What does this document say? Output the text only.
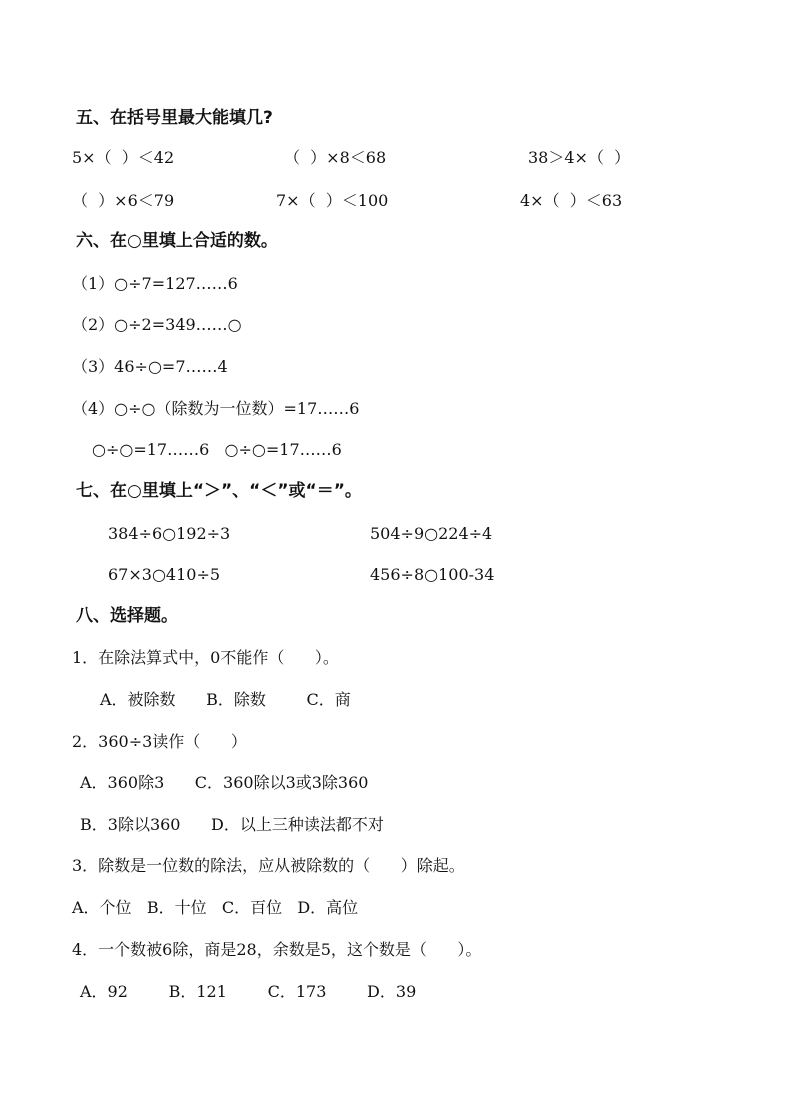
五、在括号里最大能填几?
5×（  ）＜42	（  ）×8＜68	38＞4×（  ）
（  ）×6＜79	7×（  ）＜100	4×（  ）＜63
六、在○里填上合适的数。
（1）○÷7=127……6
（2）○÷2=349……○
（3）46÷○=7……4
（4）○÷○（除数为一位数）=17……6
○÷○=17……6   ○÷○=17……6
七、在○里填上“＞”、“＜”或“＝”。
384÷6○192÷3	504÷9○224÷4
67×3○410÷5	456÷8○100-34
八、选择题。
1．在除法算式中，0不能作（      ）。
A．被除数      B．除数        C．商
2．360÷3读作（      ）
A．360除3      C．360除以3或3除360
B．3除以360      D．以上三种读法都不对
3．除数是一位数的除法，应从被除数的（      ）除起。
A．个位   B．十位   C．百位   D．高位
4．一个数被6除，商是28，余数是5，这个数是（      ）。
A．92        B．121        C．173        D．39
